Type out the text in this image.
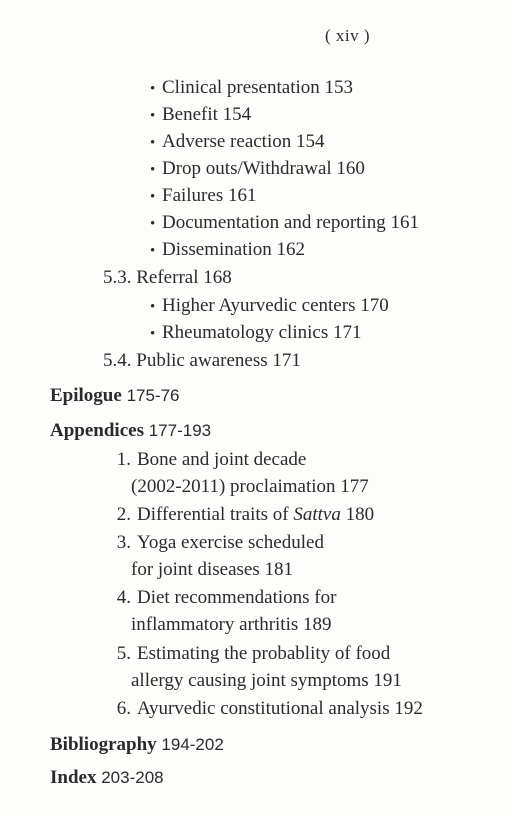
( xiv )
• Clinical presentation 153
• Benefit 154
• Adverse reaction 154
• Drop outs/Withdrawal 160
• Failures 161
• Documentation and reporting 161
• Dissemination 162
5.3. Referral 168
• Higher Ayurvedic centers 170
• Rheumatology clinics 171
5.4. Public awareness 171
Epilogue 175-76
Appendices 177-193
1. Bone and joint decade
(2002-2011) proclaimation 177
2. Differential traits of Sattva 180
3. Yoga exercise scheduled
for joint diseases 181
4. Diet recommendations for
inflammatory arthritis 189
5. Estimating the probablity of food
allergy causing joint symptoms 191
6. Ayurvedic constitutional analysis 192
Bibliography 194-202
Index 203-208
